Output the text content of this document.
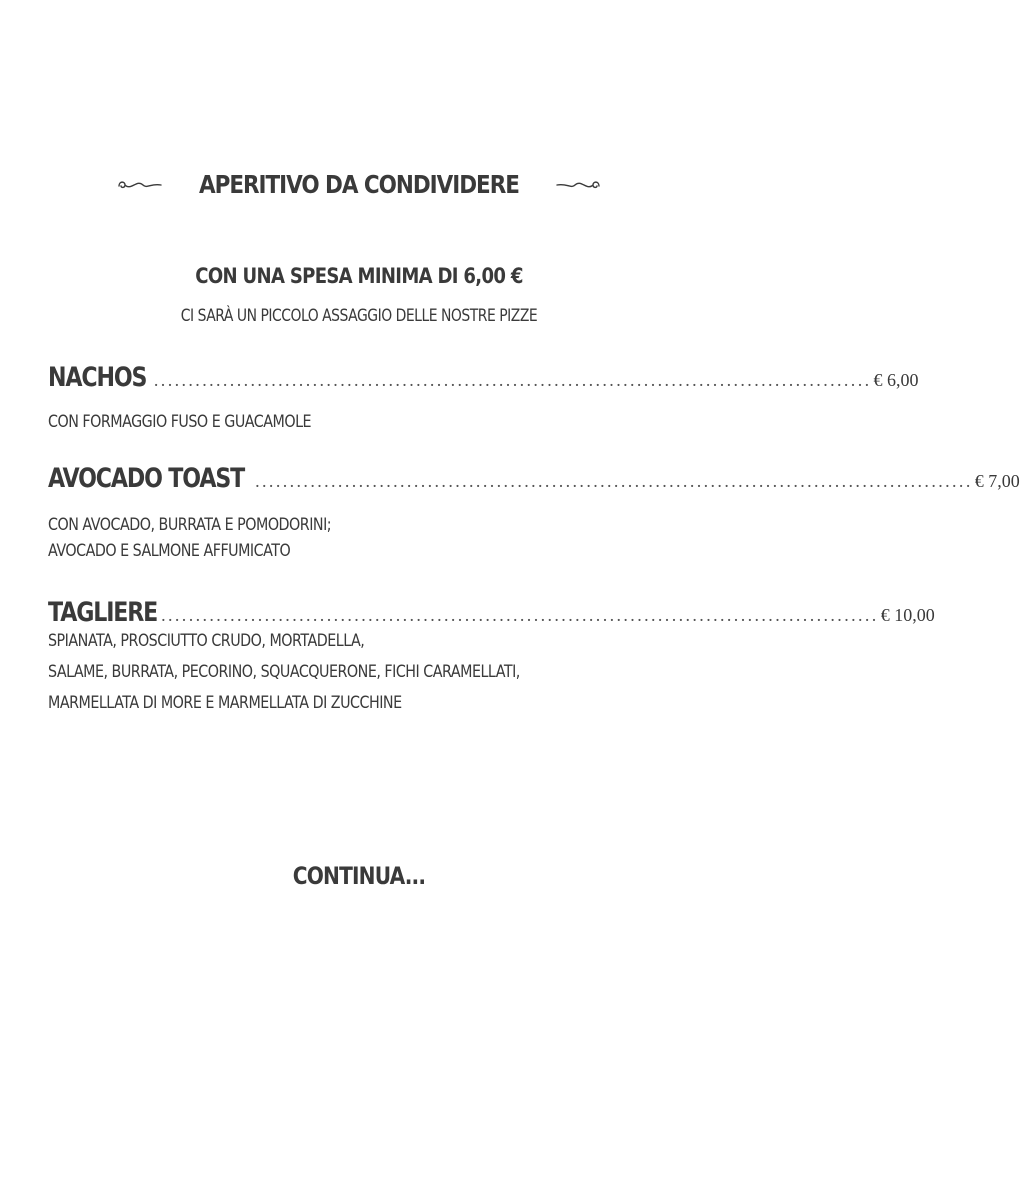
APERITIVO DA CONDIVIDERE
CON UNA SPESA MINIMA DI 6,00 €
CI SARÀ UN PICCOLO ASSAGGIO DELLE NOSTRE PIZZE
NACHOS ........................................................................................................ € 6,00
CON FORMAGGIO FUSO E GUACAMOLE
AVOCADO TOAST ........................................................................................................ € 7,00
CON AVOCADO, BURRATA E POMODORINI;
AVOCADO E SALMONE AFFUMICATO
TAGLIERE ........................................................................................................ € 10,00
SPIANATA, PROSCIUTTO CRUDO, MORTADELLA,
SALAME, BURRATA, PECORINO, SQUACQUERONE, FICHI CARAMELLATI,
MARMELLATA DI MORE E MARMELLATA DI ZUCCHINE
CONTINUA...
